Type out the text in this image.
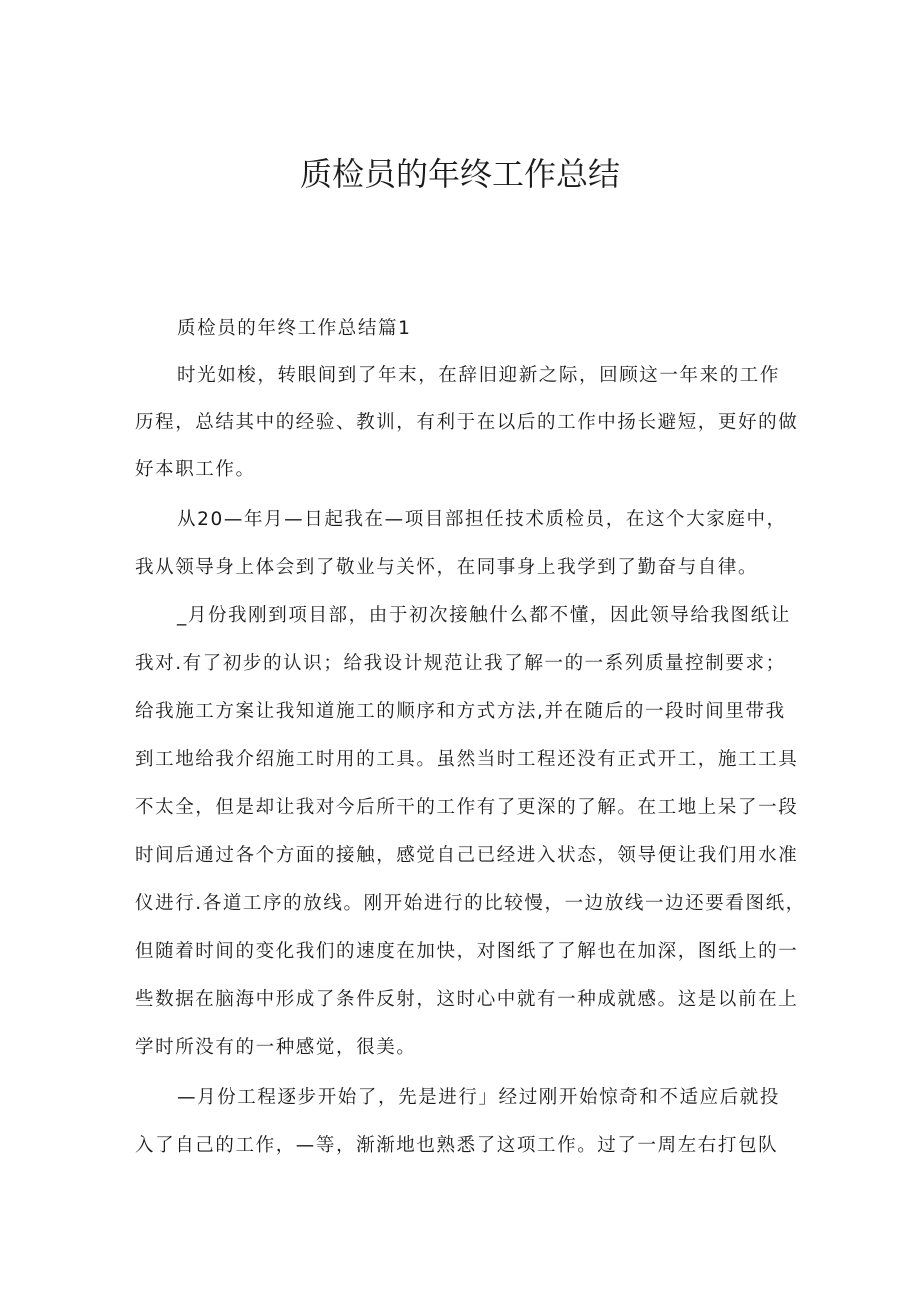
质检员的年终工作总结
质检员的年终工作总结篇1
时光如梭，转眼间到了年末，在辞旧迎新之际，回顾这一年来的工作
历程，总结其中的经验、教训，有利于在以后的工作中扬长避短，更好的做
好本职工作。
从20—年月—日起我在—项目部担任技术质检员，在这个大家庭中，
我从领导身上体会到了敬业与关怀，在同事身上我学到了勤奋与自律。
_月份我刚到项目部，由于初次接触什么都不懂，因此领导给我图纸让
我对.有了初步的认识；给我设计规范让我了解一的一系列质量控制要求；
给我施工方案让我知道施工的顺序和方式方法,并在随后的一段时间里带我
到工地给我介绍施工时用的工具。虽然当时工程还没有正式开工，施工工具
不太全，但是却让我对今后所干的工作有了更深的了解。在工地上呆了一段
时间后通过各个方面的接触，感觉自己已经进入状态，领导便让我们用水准
仪进行.各道工序的放线。刚开始进行的比较慢，一边放线一边还要看图纸，
但随着时间的变化我们的速度在加快，对图纸了了解也在加深，图纸上的一
些数据在脑海中形成了条件反射，这时心中就有一种成就感。这是以前在上
学时所没有的一种感觉，很美。
—月份工程逐步开始了，先是进行」经过刚开始惊奇和不适应后就投
入了自己的工作，—等，渐渐地也熟悉了这项工作。过了一周左右打包队
